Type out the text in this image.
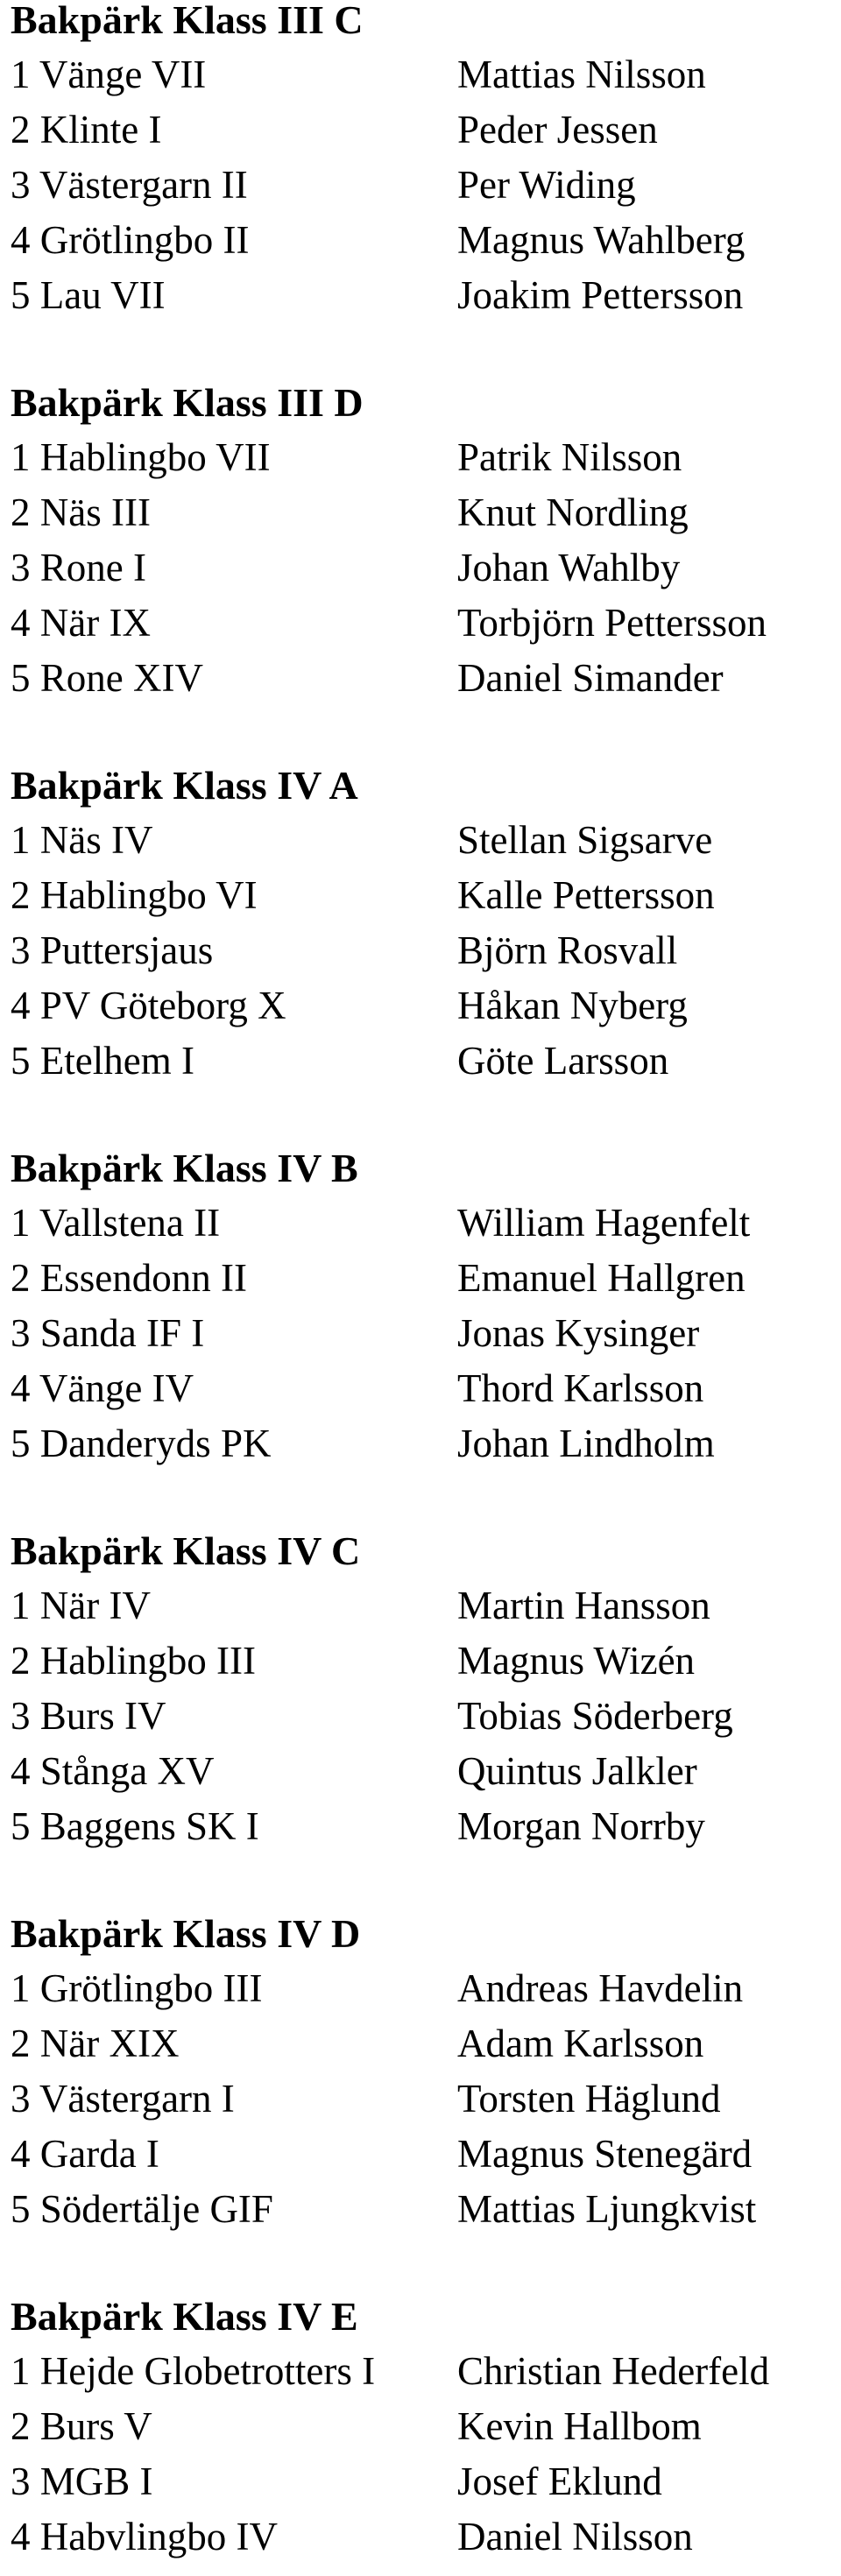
Bakpärk Klass III C
1 Vänge VII	Mattias Nilsson
2 Klinte I	Peder Jessen
3 Västergarn II	Per Widing
4 Grötlingbo II	Magnus Wahlberg
5 Lau VII	Joakim Pettersson
Bakpärk Klass III D
1 Hablingbo VII	Patrik Nilsson
2 Näs III	Knut Nordling
3 Rone I	Johan Wahlby
4 När IX	Torbjörn Pettersson
5 Rone XIV	Daniel Simander
Bakpärk Klass IV A
1 Näs IV	Stellan Sigsarve
2 Hablingbo VI	Kalle Pettersson
3 Puttersjaus	Björn Rosvall
4 PV Göteborg X	Håkan Nyberg
5 Etelhem I	Göte Larsson
Bakpärk Klass IV B
1 Vallstena II	William Hagenfelt
2 Essendonn II	Emanuel Hallgren
3 Sanda IF I	Jonas Kysinger
4 Vänge IV	Thord Karlsson
5 Danderyds PK	Johan Lindholm
Bakpärk Klass IV C
1 När IV	Martin Hansson
2 Hablingbo III	Magnus Wizén
3 Burs IV	Tobias Söderberg
4 Stånga XV	Quintus Jalkler
5 Baggens SK I	Morgan Norrby
Bakpärk Klass IV D
1 Grötlingbo III	Andreas Havdelin
2 När XIX	Adam Karlsson
3 Västergarn I	Torsten Häglund
4 Garda I	Magnus Stenegärd
5 Södertälje GIF	Mattias Ljungkvist
Bakpärk Klass IV E
1 Hejde Globetrotters I	Christian Hederfeld
2 Burs V	Kevin Hallbom
3 MGB I	Josef Eklund
4 Habvlingbo IV	Daniel Nilsson
